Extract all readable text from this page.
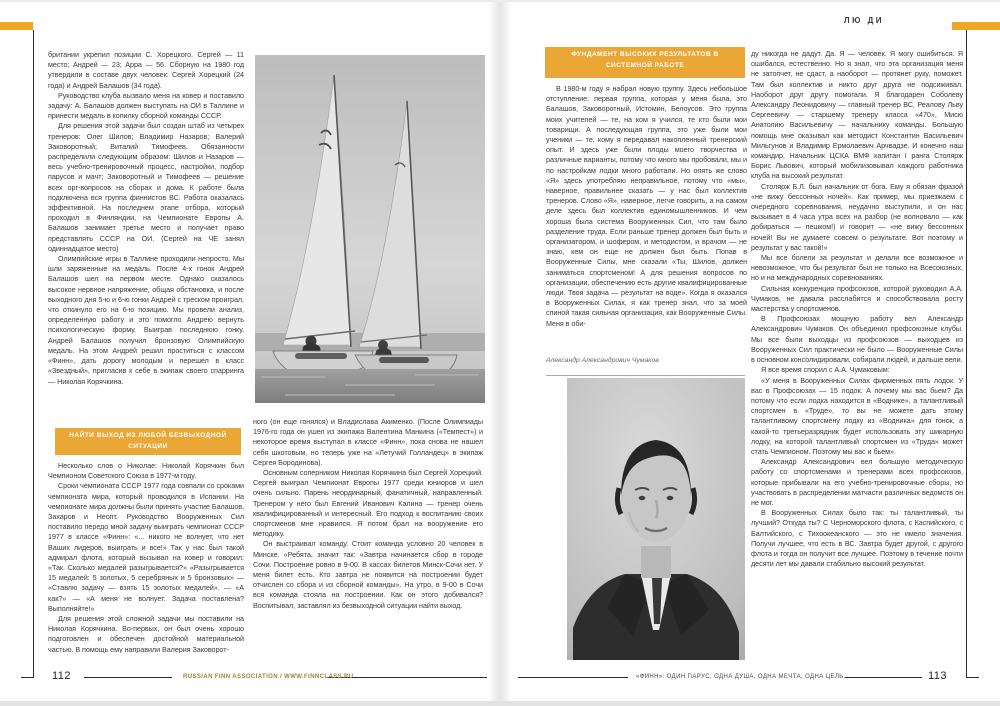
ЛЮ ДИ

британии укрепил позиции С. Хорецкого, Сергей — 11 место; Андрей — 23; Арра — 56. Сборную на 1980 год утвердили в составе двух человек: Сергей Хорецкий (24 года) и Андрей Балашов (34 года).

Руководство клуба вызвало меня на ковер и поставило задачу: А. Балашов должен выступать на ОИ в Таллине и принести медаль в копилку сборной команды СССР.

Для решения этой задачи был создан штаб из четырех тренеров: Олег Шилов; Владимир Назаров; Валерий Заковоротный; Виталий Тимофеев. Обязанности распределили следующим образом: Шилов и Назаров — весь учебно-тренировочный процесс, настройки, подбор парусов и мачт; Заковоротный и Тимофеев — решение всех орг-вопросов на сборах и дома. К работе была подключена вся группа финнистов ВС. Работа оказалась эффективной. На последнем этапе отбора, который проходил в Финляндии, на Чемпионате Европы А. Балашов занимает третье место и получает право представлять СССР на ОИ. (Сергей на ЧЕ занял одиннадцатое место)

Олимпийские игры в Таллине проходили непросто. Мы шли заряженные на медаль. После 4-х гонок Андрей Балашов шел на первом месте. Однако сказалось высокое нервное напряжение, общая обстановка, и после выходного дня 5-ю и 6-ю гонки Андрей с треском проиграл, что откинуло его на 6-ю позицию. Мы провели анализ, определенную работу и это помогло Андрею вернуть психологическую форму. Выиграв последнюю гонку, Андрей Балашов получил бронзовую Олимпийскую медаль. На этом Андрей решил проститься с классом «Финн», дать дорогу молодым и перешел в класс «Звездный», пригласив к себе в экипаж своего спарринга — Николая Корячкина.

НАЙТИ ВЫХОД ИЗ ЛЮБОЙ БЕЗВЫХОДНОЙ СИТУАЦИИ

Несколько слов о Николае: Николай Корячкин был Чемпионом Советского Союза в 1977-м году.

Сроки чемпионата СССР 1977 года совпали со сроками чемпионата мира, который проводился в Испании. На чемпионате мира должны были принять участие Балашов, Захаров и Неопт. Руководство Вооруженных Сил поставило передо мной задачу выиграть чемпионат СССР 1977 в классе «Финн»: «... никого не волнует, что нет Ваших лидеров, выиграть и все!» Так у нас был такой адмирал флота, который вызывал на ковер и говорил: «Так. Сколько медалей разыгрывается?» «Разыгрывается 15 медалей: 5 золотых, 5 серебряных и 5 бронзовых» — «Ставлю задачу — взять 15 золотых медалей». — «А как?» — «А меня не волнует. Задача поставлена? Выполняйте!»

Для решения этой сложной задачи мы поставили на Николая Корячкина. Во-первых, он был очень хорошо подготовлен и обеспечен достойной материальной частью. В помощь ему направили Валерия Заковорот-

ного (он еще гонялся) и Владислава Акименко. (После Олимпиады 1976-го года он ушел из экипажа Валентина Манкина («Темпест») и некоторое время выступал в классе «Финн», пока снова не нашел себя шкотовым, но теперь уже на «Летучий Голландец» в экипаж Сергея Бородинова).

Основным соперником Николая Корячкина был Сергей Хорецкий. Сергей выиграл Чемпионат Европы 1977 среди юниоров и шел очень сильно. Парень неординарный, фанатичный, направленный. Тренером у него был Евгений Иванович Калина — тренер очень квалифицированный и интересный. Его подход к воспитанию своих спортсменов мне нравился. Я потом брал на вооружение его методику.

Он выстраивал команду. Стоит команда условно 20 человек в Минске. «Ребята, значит так: «Завтра начинается сбор в городе Сочи. Построение ровно в 9-00. В кассах билетов Минск-Сочи нет. У меня билет есть. Кто завтра не появится на построении будет отчислен со сбора и из сборной команды». На утро, в 9-00 в Сочи вся команда стояла на построении. Как он этого добивался? Воспитывал, заставлял из безвыходной ситуации найти выход.

ФУНДАМЕНТ ВЫСОКИХ РЕЗУЛЬТАТОВ В СИСТЕМНОЙ РАБОТЕ

В 1980-м году я набрал новую группу. Здесь небольшое отступление: первая группа, которая у меня была, это Балашов, Заковоротный, Истомин, Белоусов. Это группа моих учителей — те, на ком я учился, те кто были мои товарищи. А последующая группа, это уже были мои ученики — те, кому я передавал накопленный тренерский опыт. И здесь уже были плоды моего творчества и различные варианты, потому что много мы пробовали, мы и по настройкам лодки много работали. Но опять же слово «Я» здесь употребляю неправильное, потому что «мы», наверное, правильнее сказать — у нас был коллектив тренеров. Слово «Я», наверное, легче говорить, а на самом деле здесь был коллектив единомышленников. И чем хороша была система Вооруженных Сил, что там было разделение труда. Если раньше тренер должен был быть и организатором, и шофером, и методистом, и врачом — не знаю, кем он еще не должен был быть. Попав в Вооруженные Силы, мне сказали «Ты, Шилов, должен заниматься спортсменом! А для решения вопросов по организации, обеспечению есть другие квалифицированные люди. Твоя задача — результат на воде». Когда я оказался в Вооруженных Силах, я как тренер знал, что за моей спиной такая сильная организация, как Вооруженные Силы. Меня в оби-

Александр Александрович Чумаков

ду никогда не дадут. Да. Я — человек. Я могу ошибиться. Я ошибался, естественно. Но я знал, что эта организация меня не затопчет, не сдаст, а наоборот — протянет руку, поможет. Там был коллектив и никто друг друга не подсиживал. Наоборот друг другу помогали. Я благодарен Соболеву Александру Леонидовичу — главный тренер ВС, Реалову Льву Сергеевичу — старшему тренеру класса «470», Мисю Анатолию Васильевичу — начальнику команды. Большую помощь мне оказывал как методист Константин Васильевич Мильгунов и Владимир Ермолаевич Арчвадзе. И конечно наш командир, Начальник ЦСКА ВМФ капитан I ранга Столярж Борис Львович, который мобилизовывал каждого работника клуба на высокий результат.

Столярж Б.Л. был начальник от бога. Ему я обязан фразой «не вижу бессонных ночей». Как пример, мы приезжаем с очередного соревнования, неудачно выступили, и он нас вызывает в 4 часа утра всех на разбор (не волновало — как добираться — пешком!) и говорит — «не вижу бессонных ночей! Вы не думаете совсем о результате. Вот поэтому и результат у вас такой!»

Мы все болели за результат и делали все возможное и невозможное, что бы результат был не только на Всесоюзных, но и на международных соревнованиях.

Сильная конкуренция профсоюзов, которой руководил А.А. Чумаков, не давала расслабится и способствовала росту мастерства у спортсменов.

В Профсоюзах мощную работу вел Александр Александрович Чумаков. Он объединил профсоюзные клубы. Мы все были выходцы из профсоюзов — выходцев из Вооруженных Сил практически не было — Вооруженные Силы в основном консолидировали, собирали людей, и дальше вели.

Я все время спорил с А.А. Чумаковым:

«У меня в Вооруженных Силах фирменных пять лодок. У вас в Профсоюзах — 15 лодок. А почему мы вас бьем? Да потому что если лодка находится в «Воднике», а талантливый спортсмен в «Труде», то вы не можете дать этому талантливому спортсмену лодку из «Водника» для гонок, а какой-то третьеразрядник будет использовать эту шикарную лодку, на которой талантливый спортсмен из «Труда» может стать Чемпионом. Поэтому мы вас и бьем».

Александр Александрович вел большую методическую работу со спортсменами и тренерами всех профсоюзов, которые прибывали на его учебно-тренировочные сборы, но участвовать в распределении матчасти различных ведомств он не мог.

В Вооруженных Силах было так: ты талантливый, ты лучший? Откуда ты? С Черноморского флота, с Каспийского, с Балтийского, с Тихоокеанского — это не имело значения. Получи лучшее, что есть в ВС. Завтра будет другой, с другого флота и тогда он получит все лучшее. Поэтому в течение почти десяти лет мы давали стабильно высокий результат.

112	113
RUSSIAN FINN ASSOCIATION / WWW.FINNCLASS.RU	«ФИНН»: ОДИН ПАРУС, ОДНА ДУША, ОДНА МЕЧТА, ОДНА ЦЕЛЬ...
